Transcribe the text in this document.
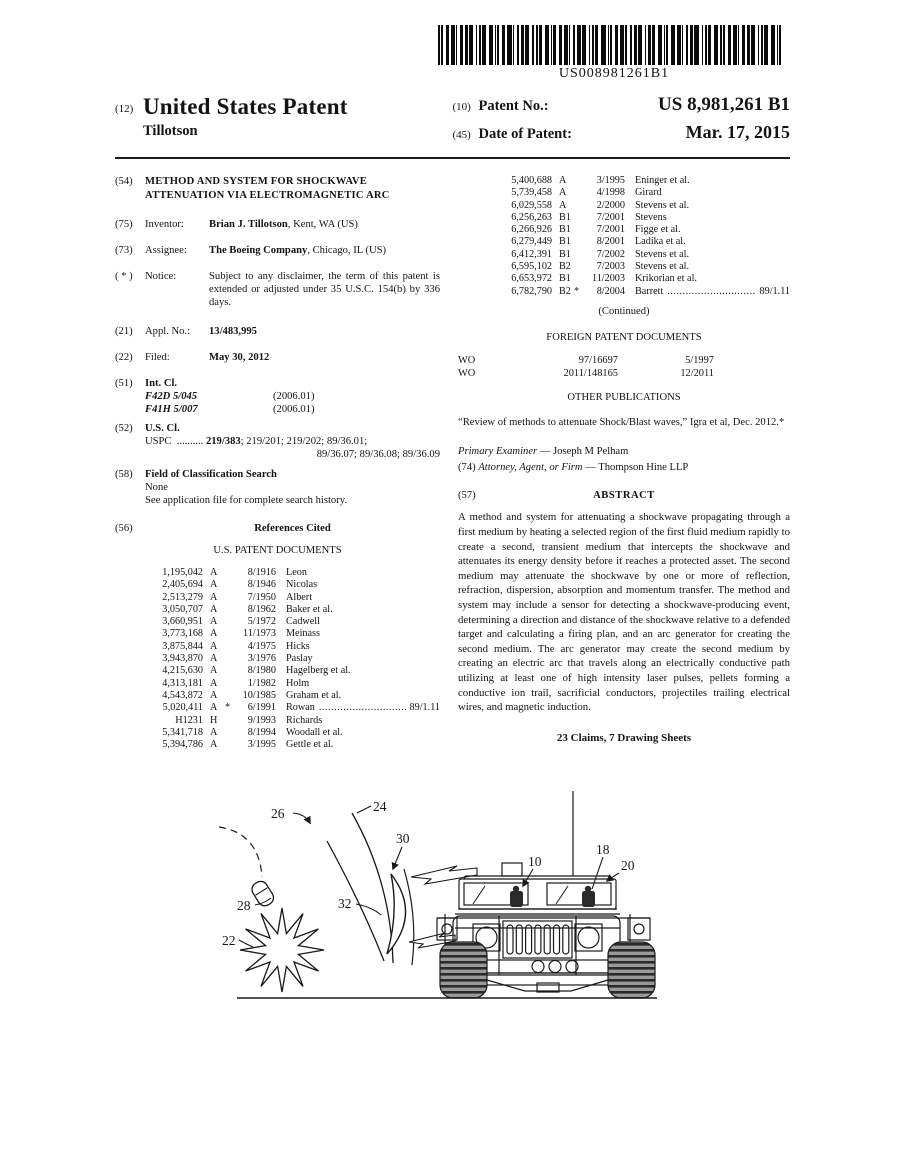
US008981261B1
(12) United States Patent
Tillotson
(10) Patent No.:	US 8,981,261 B1
(45) Date of Patent:	Mar. 17, 2015
(54)	METHOD AND SYSTEM FOR SHOCKWAVE ATTENUATION VIA ELECTROMAGNETIC ARC
(75)	Inventor:	Brian J. Tillotson, Kent, WA (US)
(73)	Assignee:	The Boeing Company, Chicago, IL (US)
( * )	Notice:	Subject to any disclaimer, the term of this patent is extended or adjusted under 35 U.S.C. 154(b) by 336 days.
(21)	Appl. No.:	13/483,995
(22)	Filed:	May 30, 2012
(51)	Int. Cl.
F42D 5/045	(2006.01)
F41H 5/007	(2006.01)
(52)	U.S. Cl.
USPC .......... 219/383; 219/201; 219/202; 89/36.01;
89/36.07; 89/36.08; 89/36.09
(58)	Field of Classification Search
None
See application file for complete search history.
(56)	References Cited
U.S. PATENT DOCUMENTS
1,195,042 A	8/1916 Leon
2,405,694 A	8/1946 Nicolas
2,513,279 A	7/1950 Albert
3,050,707 A	8/1962 Baker et al.
3,660,951 A	5/1972 Cadwell
3,773,168 A	11/1973 Meinass
3,875,844 A	4/1975 Hicks
3,943,870 A	3/1976 Paslay
4,215,630 A	8/1980 Hagelberg et al.
4,313,181 A	1/1982 Holm
4,543,872 A	10/1985 Graham et al.
5,020,411 A *	6/1991 Rowan .....	89/1.11
H1231 H	9/1993 Richards
5,341,718 A	8/1994 Woodall et al.
5,394,786 A	3/1995 Gettle et al.
5,400,688 A	3/1995 Eninger et al.
5,739,458 A	4/1998 Girard
6,029,558 A	2/2000 Stevens et al.
6,256,263 B1	7/2001 Stevens
6,266,926 B1	7/2001 Figge et al.
6,279,449 B1	8/2001 Ladika et al.
6,412,391 B1	7/2002 Stevens et al.
6,595,102 B2	7/2003 Stevens et al.
6,653,972 B1	11/2003 Krikorian et al.
6,782,790 B2 *	8/2004 Barrett .....	89/1.11
(Continued)
FOREIGN PATENT DOCUMENTS
WO	97/16697	5/1997
WO	2011/148165	12/2011
OTHER PUBLICATIONS
“Review of methods to attenuate Shock/Blast waves,” Igra et al, Dec. 2012.*
Primary Examiner — Joseph M Pelham
(74) Attorney, Agent, or Firm — Thompson Hine LLP
(57)	ABSTRACT
A method and system for attenuating a shockwave propagating through a first medium by heating a selected region of the first fluid medium rapidly to create a second, transient medium that intercepts the shockwave and attenuates its energy density before it reaches a protected asset. The second medium may attenuate the shockwave by one or more of reflection, refraction, dispersion, absorption and momentum transfer. The method and system may include a sensor for detecting a shockwave-producing event, determining a direction and distance of the shockwave relative to a defended target and calculating a firing plan, and an arc generator for creating the second medium. The arc generator may create the second medium by creating an electric arc that travels along an electrically conductive path utilizing at least one of high intensity laser pulses, pellets forming a conductive ion trail, sacrificial conductors, projectiles trailing electrical wires, and magnetic induction.
23 Claims, 7 Drawing Sheets
26	24
30
32
28
22
10
18
20
